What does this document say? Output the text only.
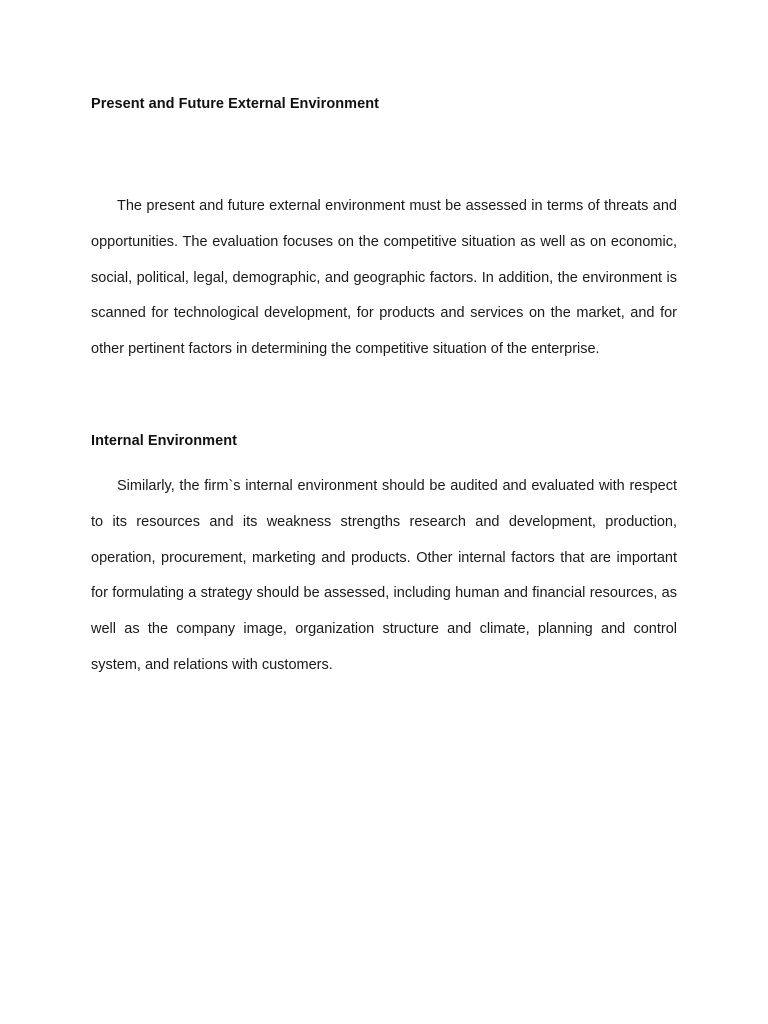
Present and Future External Environment

The present and future external environment must be assessed in terms of threats and opportunities. The evaluation focuses on the competitive situation as well as on economic, social, political, legal, demographic, and geographic factors. In addition, the environment is scanned for technological development, for products and services on the market, and for other pertinent factors in determining the competitive situation of the enterprise.

Internal Environment

Similarly, the firm`s internal environment should be audited and evaluated with respect to its resources and its weakness strengths research and development, production, operation, procurement, marketing and products. Other internal factors that are important for formulating a strategy should be assessed, including human and financial resources, as well as the company image, organization structure and climate, planning and control system, and relations with customers.
